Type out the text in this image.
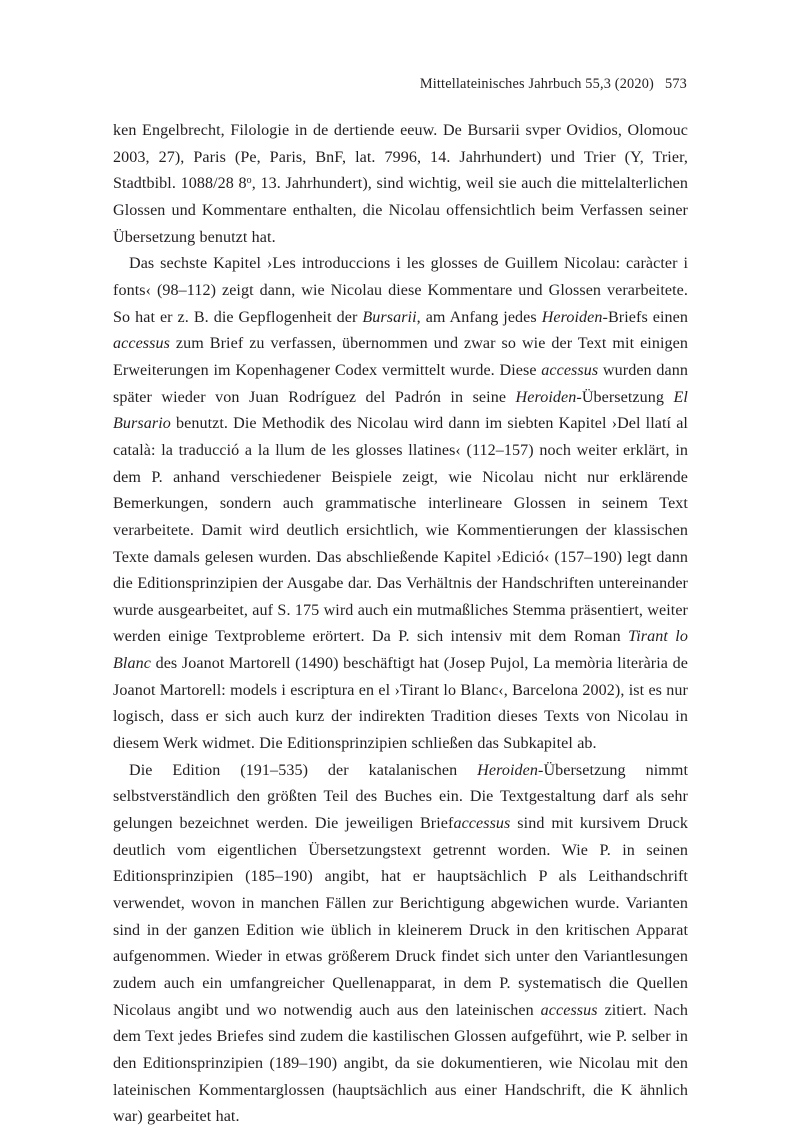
Mittellateinisches Jahrbuch 55,3 (2020) 573

ken Engelbrecht, Filologie in de dertiende eeuw. De Bursarii svper Ovidios, Olomouc 2003, 27), Paris (Pe, Paris, BnF, lat. 7996, 14. Jahrhundert) und Trier (Y, Trier, Stadtbibl. 1088/28 8$^o$, 13. Jahrhundert), sind wichtig, weil sie auch die mittelalterlichen Glossen und Kommentare enthalten, die Nicolau offensichtlich beim Verfassen seiner Übersetzung benutzt hat.

Das sechste Kapitel ›Les introduccions i les glosses de Guillem Nicolau: caràcter i fonts‹ (98–112) zeigt dann, wie Nicolau diese Kommentare und Glossen verarbeitete. So hat er z. B. die Gepflogenheit der Bursarii, am Anfang jedes Heroiden-Briefs einen accessus zum Brief zu verfassen, übernommen und zwar so wie der Text mit einigen Erweiterungen im Kopenhagener Codex vermittelt wurde. Diese accessus wurden dann später wieder von Juan Rodríguez del Padrón in seine Heroiden-Übersetzung El Bursario benutzt. Die Methodik des Nicolau wird dann im siebten Kapitel ›Del llatí al català: la traducció a la llum de les glosses llatines‹ (112–157) noch weiter erklärt, in dem P. anhand verschiedener Beispiele zeigt, wie Nicolau nicht nur erklärende Bemerkungen, sondern auch grammatische interlineare Glossen in seinem Text verarbeitete. Damit wird deutlich ersichtlich, wie Kommentierungen der klassischen Texte damals gelesen wurden. Das abschließende Kapitel ›Edició‹ (157–190) legt dann die Editionsprinzipien der Ausgabe dar. Das Verhältnis der Handschriften untereinander wurde ausgearbeitet, auf S. 175 wird auch ein mutmaßliches Stemma präsentiert, weiter werden einige Textprobleme erörtert. Da P. sich intensiv mit dem Roman Tirant lo Blanc des Joanot Martorell (1490) beschäftigt hat (Josep Pujol, La memòria literària de Joanot Martorell: models i escriptura en el ›Tirant lo Blanc‹, Barcelona 2002), ist es nur logisch, dass er sich auch kurz der indirekten Tradition dieses Texts von Nicolau in diesem Werk widmet. Die Editionsprinzipien schließen das Subkapitel ab.

Die Edition (191–535) der katalanischen Heroiden-Übersetzung nimmt selbstverständlich den größten Teil des Buches ein. Die Textgestaltung darf als sehr gelungen bezeichnet werden. Die jeweiligen Briefaccessus sind mit kursivem Druck deutlich vom eigentlichen Übersetzungstext getrennt worden. Wie P. in seinen Editionsprinzipien (185–190) angibt, hat er hauptsächlich P als Leithandschrift verwendet, wovon in manchen Fällen zur Berichtigung abgewichen wurde. Varianten sind in der ganzen Edition wie üblich in kleinerem Druck in den kritischen Apparat aufgenommen. Wieder in etwas größerem Druck findet sich unter den Variantlesungen zudem auch ein umfangreicher Quellenapparat, in dem P. systematisch die Quellen Nicolaus angibt und wo notwendig auch aus den lateinischen accessus zitiert. Nach dem Text jedes Briefes sind zudem die kastilischen Glossen aufgeführt, wie P. selber in den Editionsprinzipien (189–190) angibt, da sie dokumentieren, wie Nicolau mit den lateinischen Kommentarglossen (hauptsächlich aus einer Handschrift, die K ähnlich war) gearbeitet hat.
